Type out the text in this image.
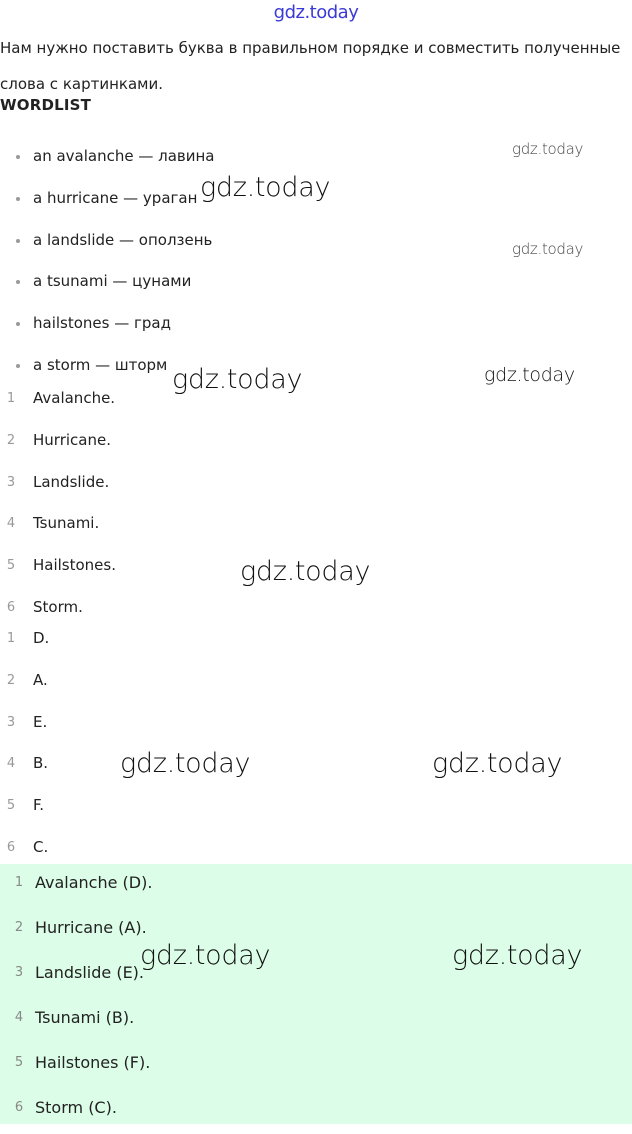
gdz.today
Нам нужно поставить буква в правильном порядке и совместить полученные слова с картинками.
WORDLIST
an avalanche — лавина
a hurricane — ураган
a landslide — оползень
a tsunami — цунами
hailstones — град
a storm — шторм
1	Avalanche.
2	Hurricane.
3	Landslide.
4	Tsunami.
5	Hailstones.
6	Storm.
1	D.
2	A.
3	E.
4	B.
5	F.
6	C.
1 Avalanche (D).
2 Hurricane (A).
3 Landslide (E).
4 Tsunami (B).
5 Hailstones (F).
6 Storm (C).
gdz.today
gdz.today
gdz.today
gdz.today	gdz.today
gdz.today
gdz.today	gdz.today
gdz.today	gdz.today
